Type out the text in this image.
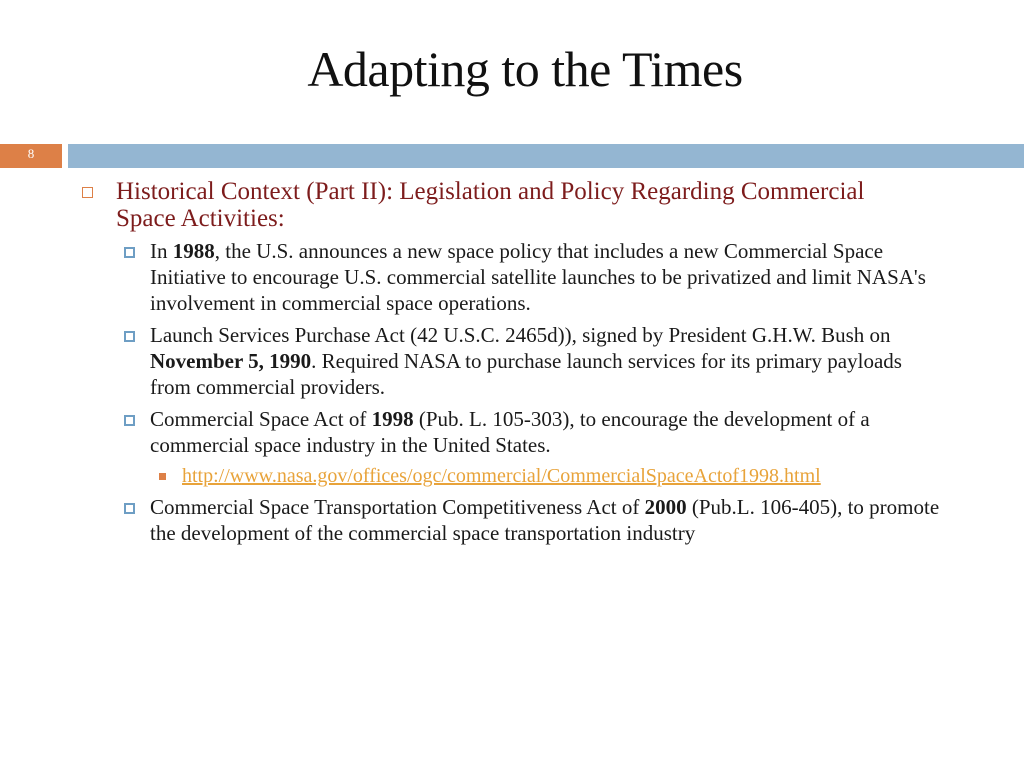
Adapting to the Times
8
Historical Context (Part II): Legislation and Policy Regarding Commercial Space Activities:
In 1988, the U.S. announces a new space policy that includes a new Commercial Space Initiative to encourage U.S. commercial satellite launches to be privatized and limit NASA's involvement in commercial space operations.
Launch Services Purchase Act (42 U.S.C. 2465d)), signed by President G.H.W. Bush on November 5, 1990. Required NASA to purchase launch services for its primary payloads from commercial providers.
Commercial Space Act of 1998 (Pub. L. 105-303), to encourage the development of a commercial space industry in the United States.
http://www.nasa.gov/offices/ogc/commercial/CommercialSpaceActof1998.html
Commercial Space Transportation Competitiveness Act of 2000 (Pub.L. 106-405), to promote the development of the commercial space transportation industry
